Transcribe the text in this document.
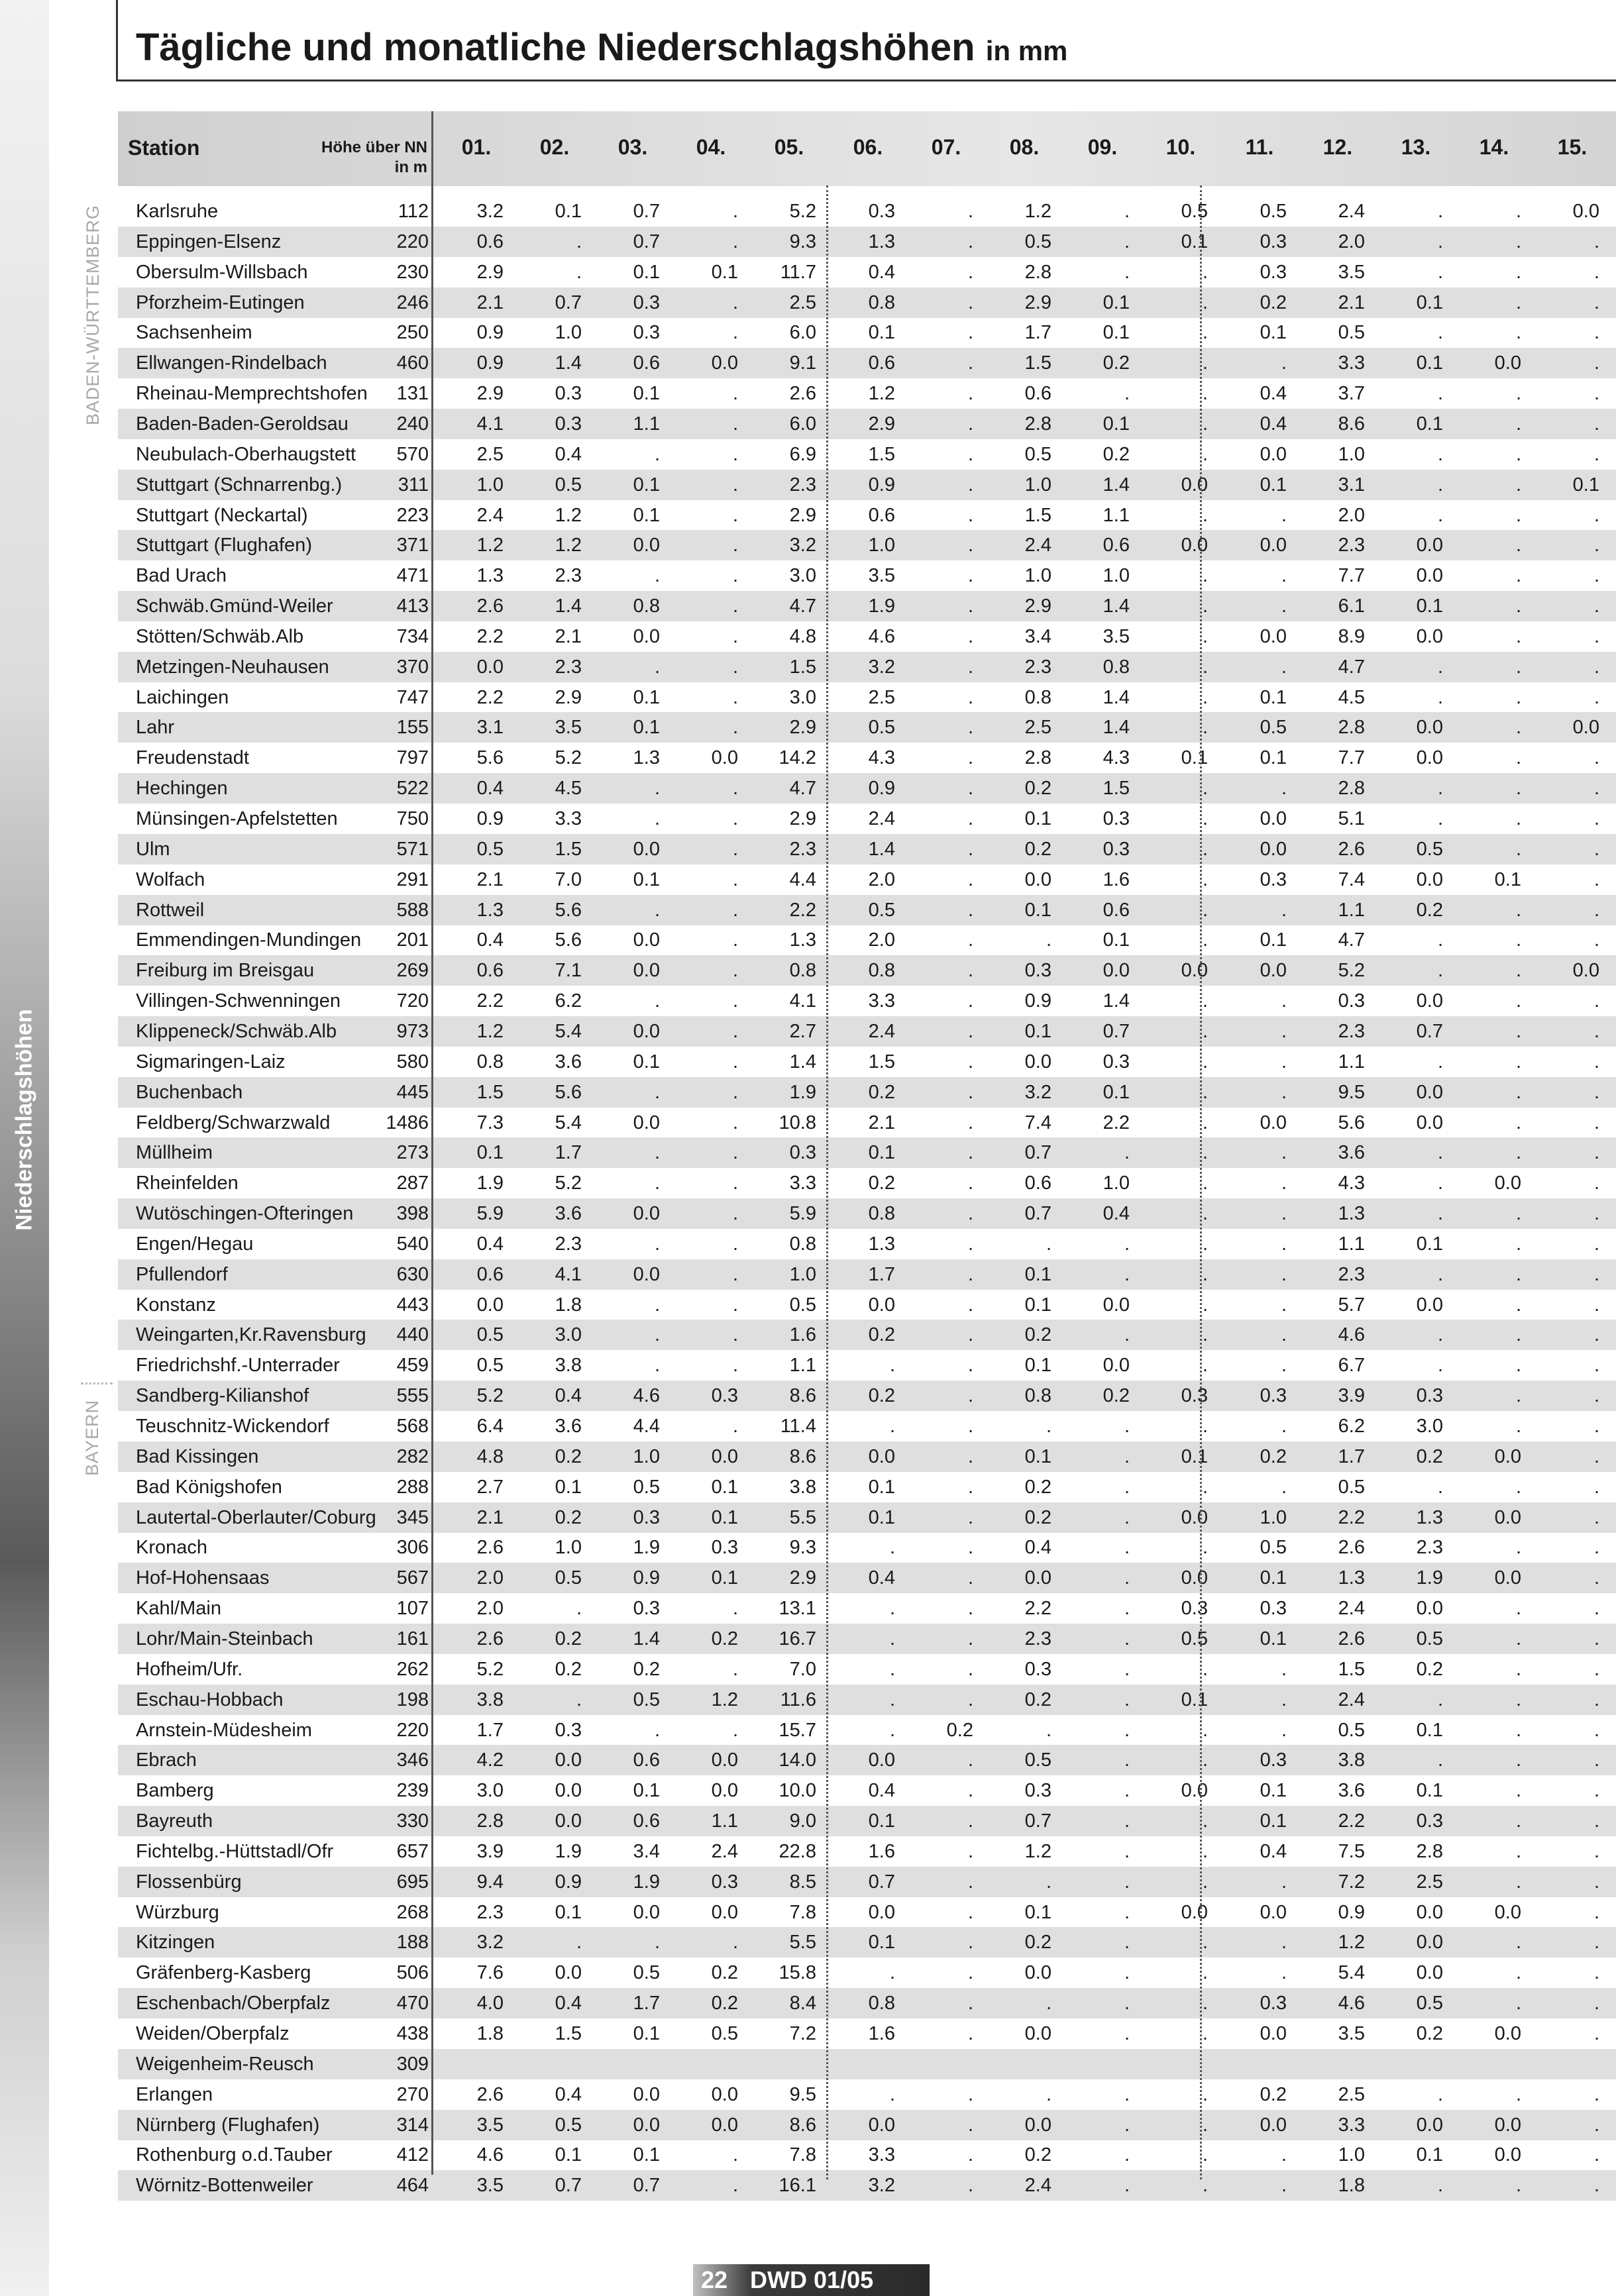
Niederschlagshöhen
BADEN-WÜRTTEMBERG
BAYERN
Tägliche und monatliche Niederschlagshöhen in mm
Station	Höhe über NN
in m
01.	02.	03.	04.	05.	06.	07.	08.	09.	10.	11.	12.	13.	14.	15.
Karlsruhe	112	3.2	0.1	0.7	.	5.2	0.3	.	1.2	.	0.5	0.5	2.4	.	.	0.0
Eppingen-Elsenz	220	0.6	.	0.7	.	9.3	1.3	.	0.5	.	0.1	0.3	2.0	.	.	.
Obersulm-Willsbach	230	2.9	.	0.1	0.1	11.7	0.4	.	2.8	.	.	0.3	3.5	.	.	.
Pforzheim-Eutingen	246	2.1	0.7	0.3	.	2.5	0.8	.	2.9	0.1	.	0.2	2.1	0.1	.	.
Sachsenheim	250	0.9	1.0	0.3	.	6.0	0.1	.	1.7	0.1	.	0.1	0.5	.	.	.
Ellwangen-Rindelbach	460	0.9	1.4	0.6	0.0	9.1	0.6	.	1.5	0.2	.	.	3.3	0.1	0.0	.
Rheinau-Memprechtshofen	131	2.9	0.3	0.1	.	2.6	1.2	.	0.6	.	.	0.4	3.7	.	.	.
Baden-Baden-Geroldsau	240	4.1	0.3	1.1	.	6.0	2.9	.	2.8	0.1	.	0.4	8.6	0.1	.	.
Neubulach-Oberhaugstett	570	2.5	0.4	.	.	6.9	1.5	.	0.5	0.2	.	0.0	1.0	.	.	.
Stuttgart (Schnarrenbg.)	311	1.0	0.5	0.1	.	2.3	0.9	.	1.0	1.4	0.0	0.1	3.1	.	.	0.1
Stuttgart (Neckartal)	223	2.4	1.2	0.1	.	2.9	0.6	.	1.5	1.1	.	.	2.0	.	.	.
Stuttgart (Flughafen)	371	1.2	1.2	0.0	.	3.2	1.0	.	2.4	0.6	0.0	0.0	2.3	0.0	.	.
Bad Urach	471	1.3	2.3	.	.	3.0	3.5	.	1.0	1.0	.	.	7.7	0.0	.	.
Schwäb.Gmünd-Weiler	413	2.6	1.4	0.8	.	4.7	1.9	.	2.9	1.4	.	.	6.1	0.1	.	.
Stötten/Schwäb.Alb	734	2.2	2.1	0.0	.	4.8	4.6	.	3.4	3.5	.	0.0	8.9	0.0	.	.
Metzingen-Neuhausen	370	0.0	2.3	.	.	1.5	3.2	.	2.3	0.8	.	.	4.7	.	.	.
Laichingen	747	2.2	2.9	0.1	.	3.0	2.5	.	0.8	1.4	.	0.1	4.5	.	.	.
Lahr	155	3.1	3.5	0.1	.	2.9	0.5	.	2.5	1.4	.	0.5	2.8	0.0	.	0.0
Freudenstadt	797	5.6	5.2	1.3	0.0	14.2	4.3	.	2.8	4.3	0.1	0.1	7.7	0.0	.	.
Hechingen	522	0.4	4.5	.	.	4.7	0.9	.	0.2	1.5	.	.	2.8	.	.	.
Münsingen-Apfelstetten	750	0.9	3.3	.	.	2.9	2.4	.	0.1	0.3	.	0.0	5.1	.	.	.
Ulm	571	0.5	1.5	0.0	.	2.3	1.4	.	0.2	0.3	.	0.0	2.6	0.5	.	.
Wolfach	291	2.1	7.0	0.1	.	4.4	2.0	.	0.0	1.6	.	0.3	7.4	0.0	0.1	.
Rottweil	588	1.3	5.6	.	.	2.2	0.5	.	0.1	0.6	.	.	1.1	0.2	.	.
Emmendingen-Mundingen	201	0.4	5.6	0.0	.	1.3	2.0	.	.	0.1	.	0.1	4.7	.	.	.
Freiburg im Breisgau	269	0.6	7.1	0.0	.	0.8	0.8	.	0.3	0.0	0.0	0.0	5.2	.	.	0.0
Villingen-Schwenningen	720	2.2	6.2	.	.	4.1	3.3	.	0.9	1.4	.	.	0.3	0.0	.	.
Klippeneck/Schwäb.Alb	973	1.2	5.4	0.0	.	2.7	2.4	.	0.1	0.7	.	.	2.3	0.7	.	.
Sigmaringen-Laiz	580	0.8	3.6	0.1	.	1.4	1.5	.	0.0	0.3	.	.	1.1	.	.	.
Buchenbach	445	1.5	5.6	.	.	1.9	0.2	.	3.2	0.1	.	.	9.5	0.0	.	.
Feldberg/Schwarzwald	1486	7.3	5.4	0.0	.	10.8	2.1	.	7.4	2.2	.	0.0	5.6	0.0	.	.
Müllheim	273	0.1	1.7	.	.	0.3	0.1	.	0.7	.	.	.	3.6	.	.	.
Rheinfelden	287	1.9	5.2	.	.	3.3	0.2	.	0.6	1.0	.	.	4.3	.	0.0	.
Wutöschingen-Ofteringen	398	5.9	3.6	0.0	.	5.9	0.8	.	0.7	0.4	.	.	1.3	.	.	.
Engen/Hegau	540	0.4	2.3	.	.	0.8	1.3	.	.	.	.	.	1.1	0.1	.	.
Pfullendorf	630	0.6	4.1	0.0	.	1.0	1.7	.	0.1	.	.	.	2.3	.	.	.
Konstanz	443	0.0	1.8	.	.	0.5	0.0	.	0.1	0.0	.	.	5.7	0.0	.	.
Weingarten,Kr.Ravensburg	440	0.5	3.0	.	.	1.6	0.2	.	0.2	.	.	.	4.6	.	.	.
Friedrichshf.-Unterrader	459	0.5	3.8	.	.	1.1	.	.	0.1	0.0	.	.	6.7	.	.	.
Sandberg-Kilianshof	555	5.2	0.4	4.6	0.3	8.6	0.2	.	0.8	0.2	0.3	0.3	3.9	0.3	.	.
Teuschnitz-Wickendorf	568	6.4	3.6	4.4	.	11.4	.	.	.	.	.	.	6.2	3.0	.	.
Bad Kissingen	282	4.8	0.2	1.0	0.0	8.6	0.0	.	0.1	.	0.1	0.2	1.7	0.2	0.0	.
Bad Königshofen	288	2.7	0.1	0.5	0.1	3.8	0.1	.	0.2	.	.	.	0.5	.	.	.
Lautertal-Oberlauter/Coburg	345	2.1	0.2	0.3	0.1	5.5	0.1	.	0.2	.	0.0	1.0	2.2	1.3	0.0	.
Kronach	306	2.6	1.0	1.9	0.3	9.3	.	.	0.4	.	.	0.5	2.6	2.3	.	.
Hof-Hohensaas	567	2.0	0.5	0.9	0.1	2.9	0.4	.	0.0	.	0.0	0.1	1.3	1.9	0.0	.
Kahl/Main	107	2.0	.	0.3	.	13.1	.	.	2.2	.	0.3	0.3	2.4	0.0	.	.
Lohr/Main-Steinbach	161	2.6	0.2	1.4	0.2	16.7	.	.	2.3	.	0.5	0.1	2.6	0.5	.	.
Hofheim/Ufr.	262	5.2	0.2	0.2	.	7.0	.	.	0.3	.	.	.	1.5	0.2	.	.
Eschau-Hobbach	198	3.8	.	0.5	1.2	11.6	.	.	0.2	.	0.1	.	2.4	.	.	.
Arnstein-Müdesheim	220	1.7	0.3	.	.	15.7	.	0.2	.	.	.	.	0.5	0.1	.	.
Ebrach	346	4.2	0.0	0.6	0.0	14.0	0.0	.	0.5	.	.	0.3	3.8	.	.	.
Bamberg	239	3.0	0.0	0.1	0.0	10.0	0.4	.	0.3	.	0.0	0.1	3.6	0.1	.	.
Bayreuth	330	2.8	0.0	0.6	1.1	9.0	0.1	.	0.7	.	.	0.1	2.2	0.3	.	.
Fichtelbg.-Hüttstadl/Ofr	657	3.9	1.9	3.4	2.4	22.8	1.6	.	1.2	.	.	0.4	7.5	2.8	.	.
Flossenbürg	695	9.4	0.9	1.9	0.3	8.5	0.7	.	.	.	.	.	7.2	2.5	.	.
Würzburg	268	2.3	0.1	0.0	0.0	7.8	0.0	.	0.1	.	0.0	0.0	0.9	0.0	0.0	.
Kitzingen	188	3.2	.	.	.	5.5	0.1	.	0.2	.	.	.	1.2	0.0	.	.
Gräfenberg-Kasberg	506	7.6	0.0	0.5	0.2	15.8	.	.	0.0	.	.	.	5.4	0.0	.	.
Eschenbach/Oberpfalz	470	4.0	0.4	1.7	0.2	8.4	0.8	.	.	.	.	0.3	4.6	0.5	.	.
Weiden/Oberpfalz	438	1.8	1.5	0.1	0.5	7.2	1.6	.	0.0	.	.	0.0	3.5	0.2	0.0	.
Weigenheim-Reusch	309
Erlangen	270	2.6	0.4	0.0	0.0	9.5	.	.	.	.	.	0.2	2.5	.	.	.
Nürnberg (Flughafen)	314	3.5	0.5	0.0	0.0	8.6	0.0	.	0.0	.	.	0.0	3.3	0.0	0.0	.
Rothenburg o.d.Tauber	412	4.6	0.1	0.1	.	7.8	3.3	.	0.2	.	.	.	1.0	0.1	0.0	.
Wörnitz-Bottenweiler	464	3.5	0.7	0.7	.	16.1	3.2	.	2.4	.	.	.	1.8	.	.	.
22 DWD 01/05
